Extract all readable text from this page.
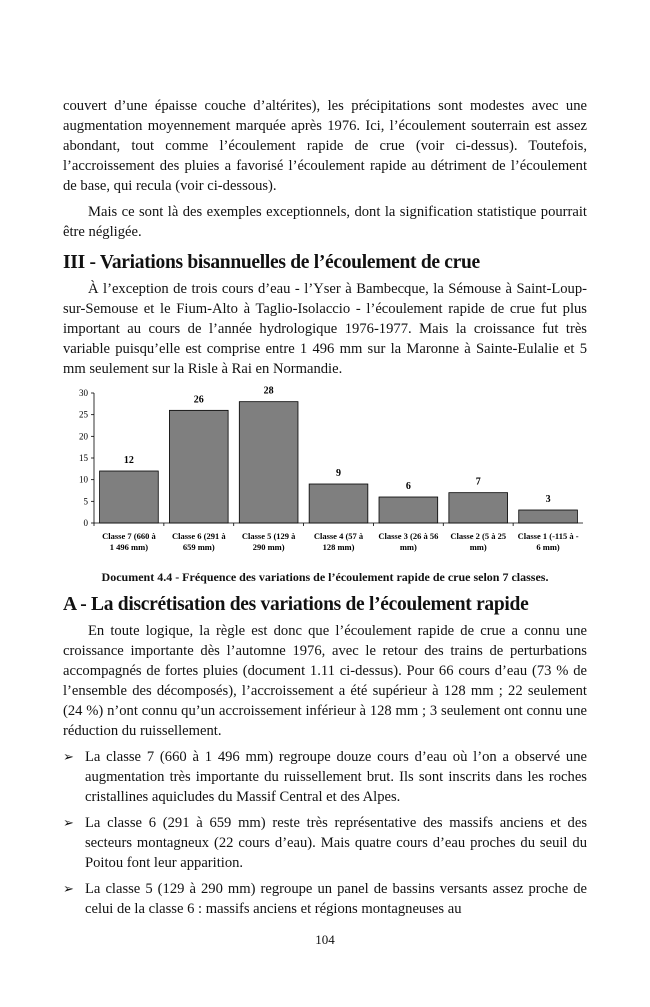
couvert d’une épaisse couche d’altérites), les précipitations sont modestes avec une augmentation moyennement marquée après 1976. Ici, l’écoulement souterrain est assez abondant, tout comme l’écoulement rapide de crue (voir ci-dessus). Toutefois, l’accroissement des pluies a favorisé l’écoulement rapide au détriment de l’écoulement de base, qui recula (voir ci-dessous).

Mais ce sont là des exemples exceptionnels, dont la signification statistique pourrait être négligée.

III - Variations bisannuelles de l’écoulement de crue

À l’exception de trois cours d’eau - l’Yser à Bambecque, la Sémouse à Saint-Loup-sur-Semouse et le Fium-Alto à Taglio-Isolaccio - l’écoulement rapide de crue fut plus important au cours de l’année hydrologique 1976-1977. Mais la croissance fut très variable puisqu’elle est comprise entre 1 496 mm sur la Maronne à Sainte-Eulalie et 5 mm seulement sur la Risle à Rai en Normandie.

0
5
10
15
20
25
30
12
Classe 7 (660 à
1 496 mm)
26
Classe 6 (291 à
659 mm)
28
Classe 5 (129 à
290 mm)
9
Classe 4 (57 à
128 mm)
6
Classe 3 (26 à 56
mm)
7
Classe 2 (5 à 25
mm)
3
Classe 1 (-115 à -
6 mm)
Document 4.4 - Fréquence des variations de l’écoulement rapide de crue selon 7 classes.
A - La discrétisation des variations de l’écoulement rapide

En toute logique, la règle est donc que l’écoulement rapide de crue a connu une croissance importante dès l’automne 1976, avec le retour des trains de perturbations accompagnés de fortes pluies (document 1.11 ci-dessus). Pour 66 cours d’eau (73 % de l’ensemble des décomposés), l’accroissement a été supérieur à 128 mm ; 22 seulement (24 %) n’ont connu qu’un accroissement inférieur à 128 mm ; 3 seulement ont connu une réduction du ruissellement.

➢ La classe 7 (660 à 1 496 mm) regroupe douze cours d’eau où l’on a observé une augmentation très importante du ruissellement brut. Ils sont inscrits dans les roches cristallines aquicludes du Massif Central et des Alpes.

➢ La classe 6 (291 à 659 mm) reste très représentative des massifs anciens et des secteurs montagneux (22 cours d’eau). Mais quatre cours d’eau proches du seuil du Poitou font leur apparition.

➢ La classe 5 (129 à 290 mm) regroupe un panel de bassins versants assez proche de celui de la classe 6 : massifs anciens et régions montagneuses au

104
